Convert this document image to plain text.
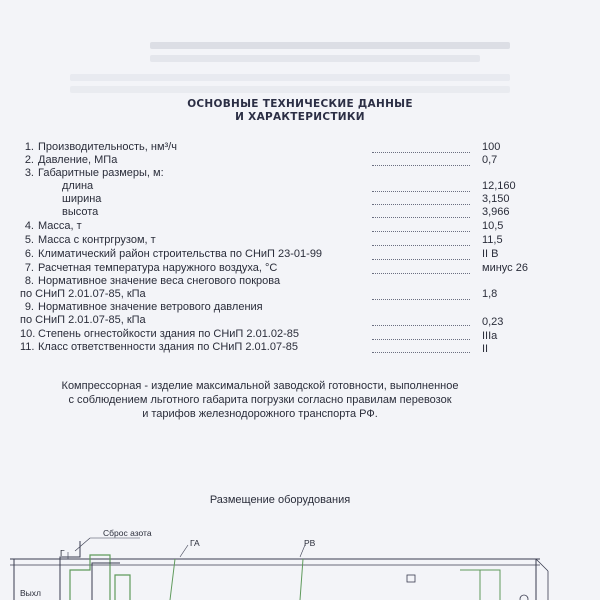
ОСНОВНЫЕ ТЕХНИЧЕСКИЕ ДАННЫЕ
И ХАРАКТЕРИСТИКИ
1. Производительность, нм³/ч	100
2. Давление, МПа	0,7
3. Габаритные размеры, м:
длина	12,160
ширина	3,150
высота	3,966
4. Масса, т	10,5
5. Масса с контргрузом, т	11,5
6. Климатический район строительства по СНиП 23-01-99	II В
7. Расчетная температура наружного воздуха, °С	минус 26
8. Нормативное значение веса снегового покрова
по СНиП 2.01.07-85, кПа	1,8
9. Нормативное значение ветрового давления
по СНиП 2.01.07-85, кПа	0,23
10. Степень огнестойкости здания по СНиП 2.01.02-85	IIIа
11. Класс ответственности здания по СНиП 2.01.07-85	II
Компрессорная - изделие максимальной заводской готовности, выполненное
с соблюдением льготного габарита погрузки согласно правилам перевозок
и тарифов железнодорожного транспорта РФ.
Размещение оборудования
Сброс азота
Г
ГА	РВ
Выхл
